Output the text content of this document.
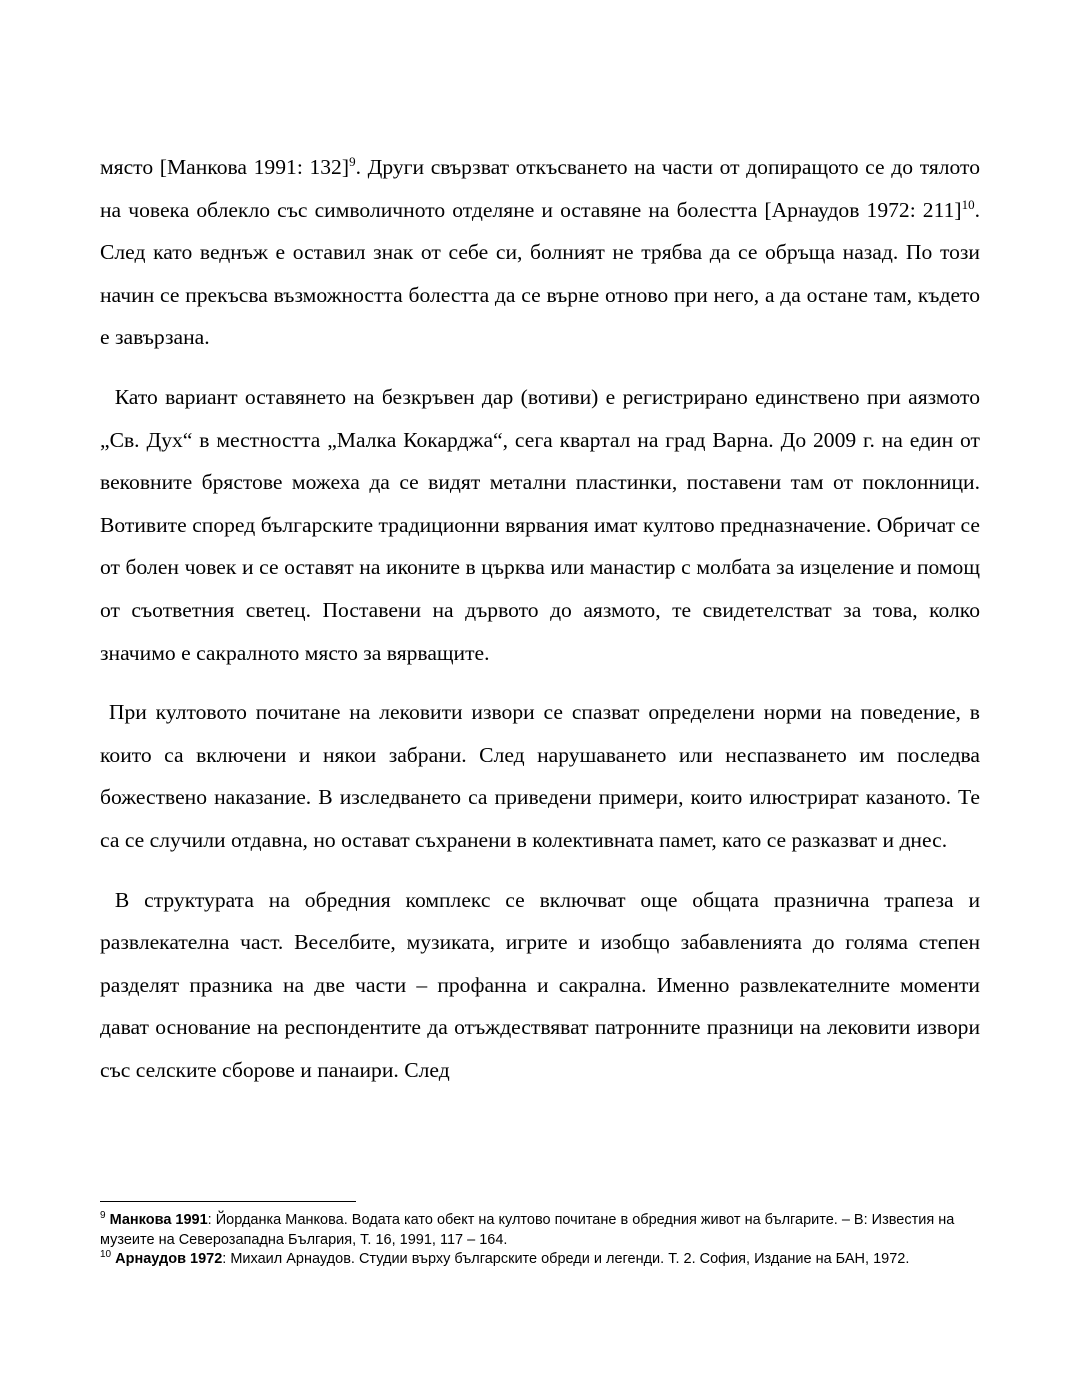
място [Манкова 1991: 132]$^9$. Други свързват откъсването на части от допиращото се до тялото на човека облекло със символичното отделяне и оставяне на болестта [Арнаудов 1972: 211]$^{10}$. След като веднъж е оставил знак от себе си, болният не трябва да се обръща назад. По този начин се прекъсва възможността болестта да се върне отново при него, а да остане там, където е завързана.

Като вариант оставянето на безкръвен дар (вотиви) е регистрирано единствено при аязмото „Св. Дух“ в местността „Малка Кокарджа“, сега квартал на град Варна. До 2009 г. на един от вековните брястове можеха да се видят метални пластинки, поставени там от поклонници. Вотивите според българските традиционни вярвания имат култово предназначение. Обричат се от болен човек и се оставят на иконите в църква или манастир с молбата за изцеление и помощ от съответния светец. Поставени на дървото до аязмото, те свидетелстват за това, колко значимо е сакралното място за вярващите.

При култовото почитане на лековити извори се спазват определени норми на поведение, в които са включени и някои забрани. След нарушаването или неспазването им последва божествено наказание. В изследването са приведени примери, които илюстрират казаното. Те са се случили отдавна, но остават съхранени в колективната памет, като се разказват и днес.

В структурата на обредния комплекс се включват още общата празнична трапеза и развлекателна част. Веселбите, музиката, игрите и изобщо забавленията до голяма степен разделят празника на две части – профанна и сакрална. Именно развлекателните моменти дават основание на респондентите да отъждествяват патронните празници на лековити извори със селските сборове и панаири. След

$^9$ Манкова 1991: Йорданка Манкова. Водата като обект на култово почитане в обредния живот на българите. – В: Известия на музеите на Северозападна България, Т. 16, 1991, 117 – 164.

$^{10}$ Арнаудов 1972: Михаил Арнаудов. Студии върху българските обреди и легенди. Т. 2. София, Издание на БАН, 1972.
